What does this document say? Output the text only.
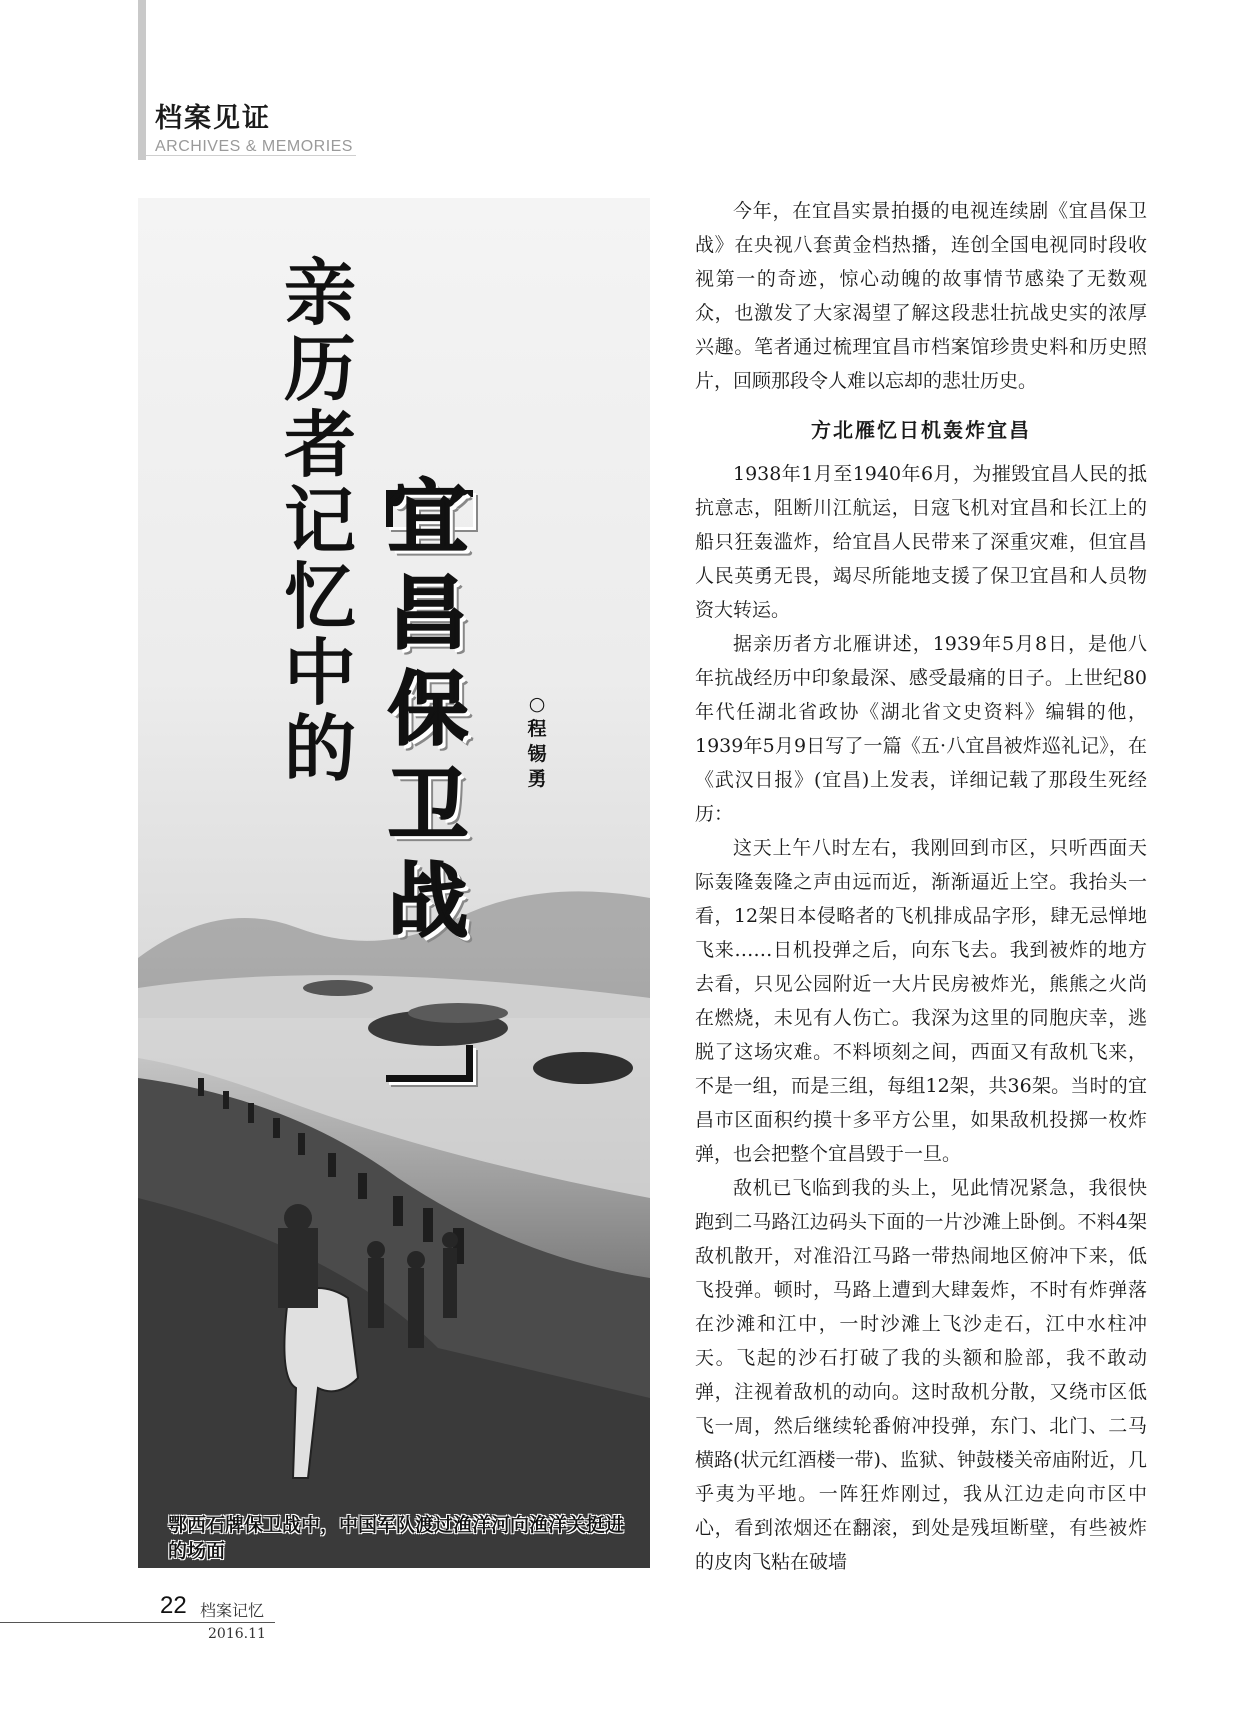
档案见证
ARCHIVES & MEMORIES
鄂西石牌保卫战中，中国军队渡过渔洋河向渔洋关挺进的场面
亲历者记忆中的
宜昌保卫战
○程锡勇

今年，在宜昌实景拍摄的电视连续剧《宜昌保卫战》在央视八套黄金档热播，连创全国电视同时段收视第一的奇迹，惊心动魄的故事情节感染了无数观众，也激发了大家渴望了解这段悲壮抗战史实的浓厚兴趣。笔者通过梳理宜昌市档案馆珍贵史料和历史照片，回顾那段令人难以忘却的悲壮历史。

方北雁忆日机轰炸宜昌

1938年1月至1940年6月，为摧毁宜昌人民的抵抗意志，阻断川江航运，日寇飞机对宜昌和长江上的船只狂轰滥炸，给宜昌人民带来了深重灾难，但宜昌人民英勇无畏，竭尽所能地支援了保卫宜昌和人员物资大转运。

据亲历者方北雁讲述，1939年5月8日，是他八年抗战经历中印象最深、感受最痛的日子。上世纪80年代任湖北省政协《湖北省文史资料》编辑的他，1939年5月9日写了一篇《五·八宜昌被炸巡礼记》，在《武汉日报》(宜昌)上发表，详细记载了那段生死经历：

这天上午八时左右，我刚回到市区，只听西面天际轰隆轰隆之声由远而近，渐渐逼近上空。我抬头一看，12架日本侵略者的飞机排成品字形，肆无忌惮地飞来……日机投弹之后，向东飞去。我到被炸的地方去看，只见公园附近一大片民房被炸光，熊熊之火尚在燃烧，未见有人伤亡。我深为这里的同胞庆幸，逃脱了这场灾难。不料顷刻之间，西面又有敌机飞来，不是一组，而是三组，每组12架，共36架。当时的宜昌市区面积约摸十多平方公里，如果敌机投掷一枚炸弹，也会把整个宜昌毁于一旦。

敌机已飞临到我的头上，见此情况紧急，我很快跑到二马路江边码头下面的一片沙滩上卧倒。不料4架敌机散开，对准沿江马路一带热闹地区俯冲下来，低飞投弹。顿时，马路上遭到大肆轰炸，不时有炸弹落在沙滩和江中，一时沙滩上飞沙走石，江中水柱冲天。飞起的沙石打破了我的头额和脸部，我不敢动弹，注视着敌机的动向。这时敌机分散，又绕市区低飞一周，然后继续轮番俯冲投弹，东门、北门、二马横路(状元红酒楼一带)、监狱、钟鼓楼关帝庙附近，几乎夷为平地。一阵狂炸刚过，我从江边走向市区中心，看到浓烟还在翻滚，到处是残垣断壁，有些被炸的皮肉飞粘在破墙

22 档案记忆
2016.11
